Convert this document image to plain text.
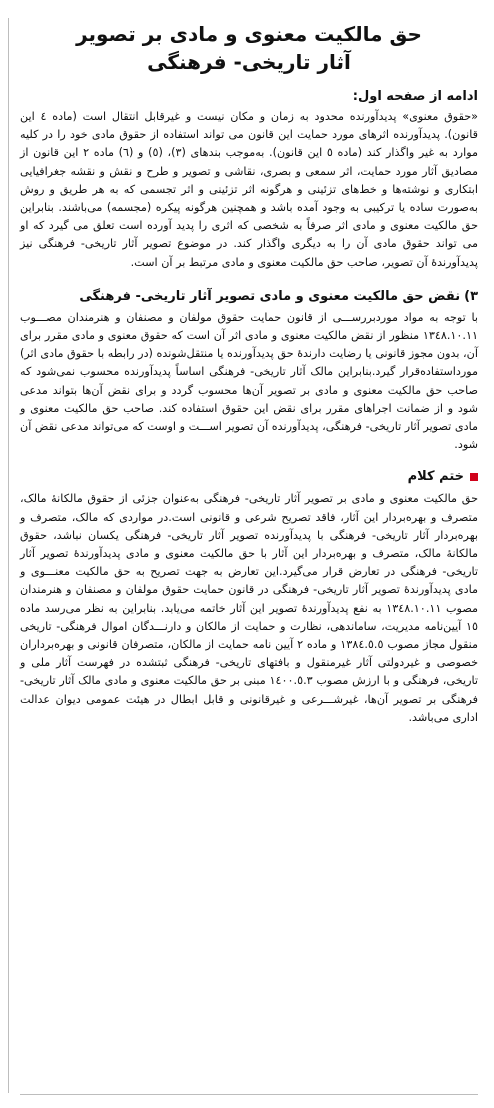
حق مالکیت معنوی و مادی بر تصویر
آثار تاریخی- فرهنگی
ادامه از صفحه اول:

«حقوق معنوی» پدیدآورنده محدود به زمان و مکان نیست و غیرقابل انتقال است (ماده ٤ این قانون). پدیدآورنده اثرهای مورد حمایت این قانون می تواند استفاده از حقوق مادی خود را در کلیه موارد به غیر واگذار کند (ماده ٥ این قانون). به‌موجب بندهای (٣)، (٥) و (٦) ماده ٢ این قانون از مصادیق آثار مورد حمایت، اثر سمعی و بصری، نقاشی و تصویر و طرح و نقش و نقشه جغرافیایی ابتکاری و نوشته‌ها و خط‌های تزئینی و هرگونه اثر تزئینی و اثر تجسمی که به هر طریق و روش به‌صورت ساده یا ترکیبی به وجود آمده باشد و همچنین هرگونه پیکره (مجسمه) می‌باشند. بنابراین حق مالکیت معنوی و مادی اثر صرفاً به شخصی که اثری را پدید آورده است تعلق می گیرد که او می تواند حقوق مادی آن را به دیگری واگذار کند. در موضوع تصویر آثار تاریخی- فرهنگی نیز پدیدآورندهٔ آن تصویر، صاحب حق مالکیت معنوی و مادی مرتبط بر آن است.

٣)نقض حق مالکیت معنوی و مادی تصویر آثار تاریخی- فرهنگی

با توجه به مواد موردبررســـی از قانون حمایت حقوق مولفان و مصنفان و هنرمندان مصـــوب ١٣٤٨.١٠.١١ منظور از نقض مالکیت معنوی و مادی اثر آن است که حقوق معنوی و مادی مقرر برای آن، بدون مجوز قانونی یا رضایت دارندهٔ حق پدیدآورنده یا منتقل‌شونده (در رابطه با حقوق مادی اثر) مورداستفاده‌قرار گیرد.بنابراین مالک آثار تاریخی- فرهنگی اساساً پدیدآورنده محسوب نمی‌شود که صاحب حق مالکیت معنوی و مادی بر تصویر آن‌ها محسوب گردد و برای نقض آن‌ها بتواند مدعی شود و از ضمانت اجراهای مقرر برای نقض این حقوق استفاده کند. صاحب حق مالکیت معنوی و مادی تصویر آثار تاریخی- فرهنگی، پدیدآورنده آن تصویر اســـت و اوست که می‌تواند مدعی نقض آن شود.

ختم کلام

حق مالکیت معنوی و مادی بر تصویر آثار تاریخی- فرهنگی به‌عنوان جزئی از حقوق مالکانهٔ مالک، متصرف و بهره‌بردار این آثار، فاقد تصریح شرعی و قانونی است.در مواردی که مالک، متصرف و بهره‌بردار آثار تاریخی- فرهنگی با پدیدآورنده تصویر آثار تاریخی- فرهنگی یکسان نباشد، حقوق مالکانهٔ مالک، متصرف و بهره‌بردار این آثار با حق مالکیت معنوی و مادی پدیدآورندهٔ تصویر آثار تاریخی- فرهنگی در تعارض قرار می‌گیرد.این تعارض به جهت تصریح به حق مالکیت معنـــوی و مادی پدیدآورندهٔ تصویر آثار تاریخی- فرهنگی در قانون حمایت حقوق مولفان و مصنفان و هنرمندان مصوب ١٣٤٨.١٠.١١ به نفع پدیدآورندهٔ تصویر این آثار خاتمه می‌یابد. بنابراین به نظر می‌رسد ماده ١٥ آیین‌نامه مدیریت، ساماندهی، نظارت و حمایت از مالکان و دارنـــدگان اموال فرهنگی- تاریخی منقول مجاز مصوب ١٣٨٤.٥.٥ و ماده ٢ آیین نامه حمایت از مالکان، متصرفان قانونی و بهره‌برداران خصوصی و غیردولتی آثار غیرمنقول و بافتهای تاریخی- فرهنگی ثبتشده در فهرست آثار ملی و تاریخی، فرهنگی و با ارزش مصوب ١٤٠٠.٥.٣ مبنی بر حق مالکیت معنوی و مادی مالک آثار تاریخی- فرهنگی بر تصویر آن‌ها، غیرشـــرعی و غیرقانونی و قابل ابطال در هیئت عمومی دیوان عدالت اداری می‌باشد.
